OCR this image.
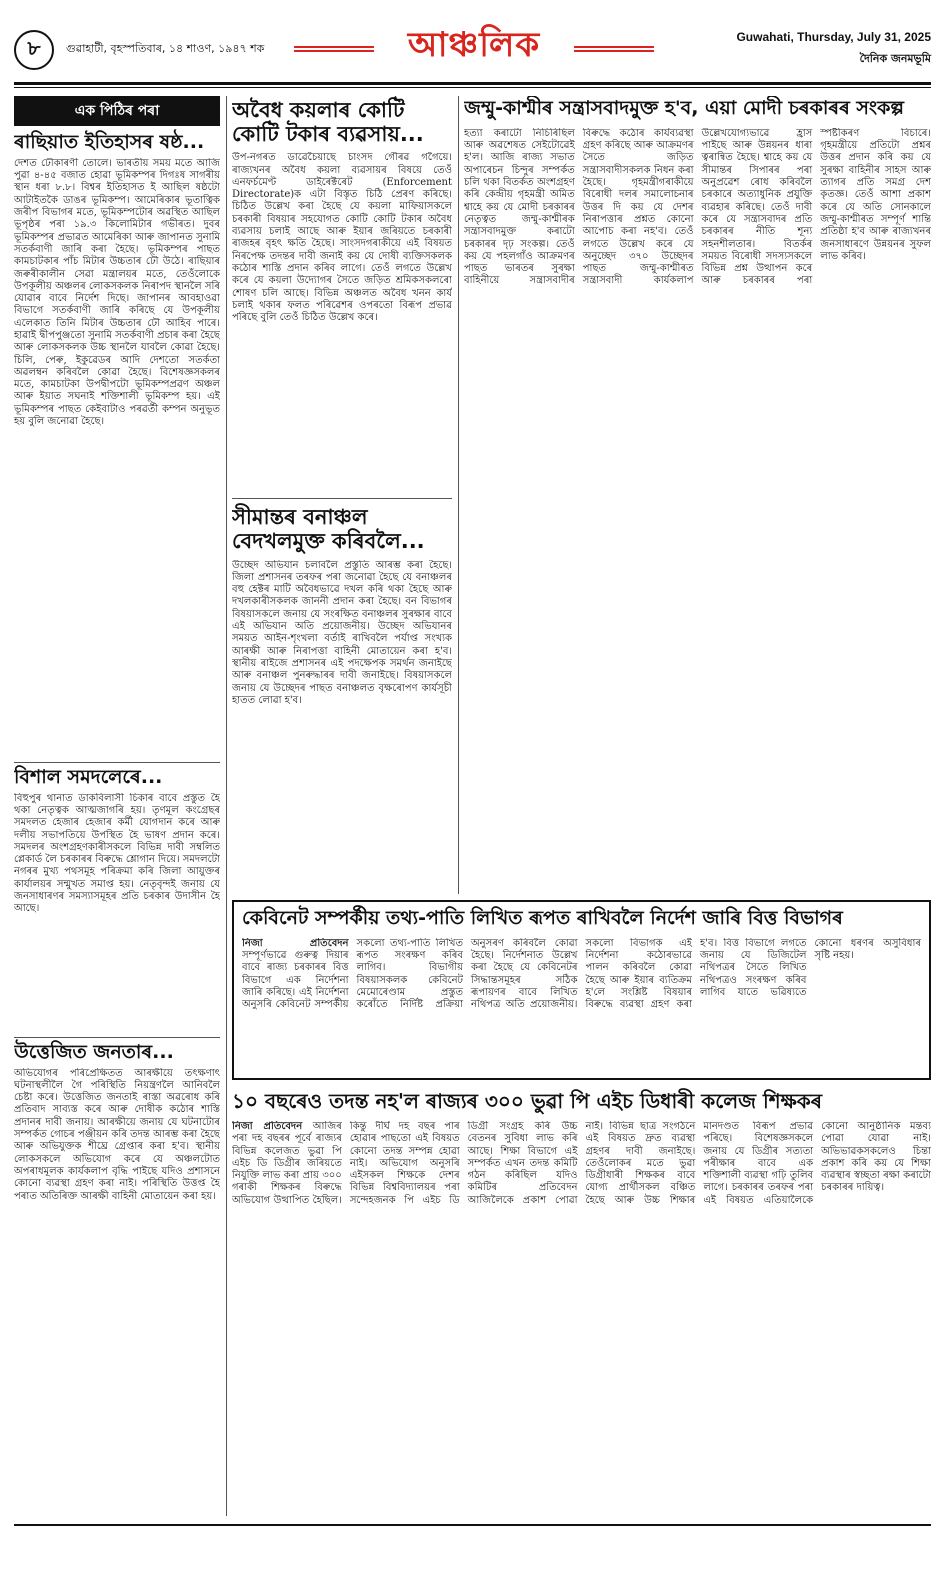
৮	গুৱাহাটী, বৃহস্পতিবাৰ, ১৪ শাওণ, ১৯৪৭ শক	আঞ্চলিক	Guwahati, Thursday, July 31, 2025
দৈনিক জনমভূমি
এক পিঠিৰ পৰা
ৰাছিয়াত ইতিহাসৰ ষষ্ঠ...
দেশত ঢৌকাৰণী তোলে। ভাৰতীয় সময় মতে আজি পুৱা ৪-৪৫ বজাত হোৱা ভূমিকম্পৰ দিগঃষ সাগৰীয় স্থান ধৰা ৮.৮। বিশ্বৰ ইতিহাসত ই আছিল ষষ্ঠটো আটাইতকৈ ডাঙৰ ভূমিকম্প। আমেৰিকাৰ ভূতাত্বিক জৰীপ বিভাগৰ মতে, ভূমিকম্পটোৰ অৱস্থিত আছিল ভূপৃষ্ঠৰ পৰা ১৯.৩ কিলোমিটাৰ গভীৰত। দুবৰ ভূমিকম্পৰ প্ৰভাৱত আমেৰিকা আৰু জাপানত সুনামি সতৰ্কবাণী জাৰি কৰা হৈছে। ভূমিকম্পৰ পাছত কামচাটকাৰ পাঁচ মিটাৰ উচ্চতাৰ ঢৌ উঠে। ৰাছিয়াৰ জৰুৰীকালীন সেৱা মন্ত্ৰালয়ৰ মতে, তেওঁলোকে উপকূলীয় অঞ্চলৰ লোকসকলক নিৰাপদ স্থানলৈ সৰি যোৱাৰ বাবে নিৰ্দেশ দিছে। জাপানৰ আবহাওৱা বিভাগে সতৰ্কবাণী জাৰি কৰিছে যে উপকূলীয় এলেকাত তিনি মিটাৰ উচ্চতাৰ ঢৌ আহিব পাৰে। হাৱাই দ্বীপপুঞ্জতো সুনামি সতৰ্কবাণী প্ৰচাৰ কৰা হৈছে আৰু লোকসকলক উচ্চ স্থানলৈ যাবলৈ কোৱা হৈছে। চিলি, পেৰু, ইকুৱেডৰ আদি দেশতো সতৰ্কতা অৱলম্বন কৰিবলৈ কোৱা হৈছে। বিশেষজ্ঞসকলৰ মতে, কামচাটকা উপদ্বীপটো ভূমিকম্পপ্ৰৱণ অঞ্চল আৰু ইয়াত সঘনাই শক্তিশালী ভূমিকম্প হয়। এই ভূমিকম্পৰ পাছত কেইবাটাও পৰৱৰ্তী কম্পন অনুভূত হয় বুলি জনোৱা হৈছে।
বিশাল সমদলেৰে...
বিহুপুৰ থানাত ডাকবিলাসী চিকাৰ বাবে প্ৰস্তুত হৈ থকা নেতৃত্বক আত্মজাগৰি হয়। তৃণমূল কংগ্ৰেছৰ সমদলত হেজাৰ হেজাৰ কৰ্মী যোগদান কৰে আৰু দলীয় সভাপতিয়ে উপস্থিত হৈ ভাষণ প্ৰদান কৰে। সমদলৰ অংশগ্ৰহণকাৰীসকলে বিভিন্ন দাবী সম্বলিত প্লেকাৰ্ড লৈ চৰকাৰৰ বিৰুদ্ধে শ্লোগান দিয়ে। সমদলটো নগৰৰ মুখ্য পথসমূহ পৰিক্ৰমা কৰি জিলা আয়ুক্তৰ কাৰ্যালয়ৰ সন্মুখত সমাপ্ত হয়। নেতৃবৃন্দই জনায় যে জনসাধাৰণৰ সমস্যাসমূহৰ প্ৰতি চৰকাৰ উদাসীন হৈ আছে।
উত্তেজিত জনতাৰ...
অভিযোগৰ পৰিপ্ৰেক্ষিতত আৰক্ষীয়ে তৎক্ষণাৎ ঘটনাস্থলীলৈ গৈ পৰিস্থিতি নিয়ন্ত্ৰণলৈ আনিবলৈ চেষ্টা কৰে। উত্তেজিত জনতাই ৰাস্তা অৱৰোধ কৰি প্ৰতিবাদ সাব্যস্ত কৰে আৰু দোষীক কঠোৰ শাস্তি প্ৰদানৰ দাবী জনায়। আৰক্ষীয়ে জনায় যে ঘটনাটোৰ সম্পৰ্কত গোচৰ পঞ্জীয়ন কৰি তদন্ত আৰম্ভ কৰা হৈছে আৰু অভিযুক্তক শীঘ্ৰে গ্ৰেপ্তাৰ কৰা হ'ব। স্থানীয় লোকসকলে অভিযোগ কৰে যে অঞ্চলটোত অপৰাধমূলক কাৰ্যকলাপ বৃদ্ধি পাইছে যদিও প্ৰশাসনে কোনো ব্যৱস্থা গ্ৰহণ কৰা নাই। পৰিস্থিতি উত্তপ্ত হৈ পৰাত অতিৰিক্ত আৰক্ষী বাহিনী মোতায়েন কৰা হয়।
অবৈধ কয়লাৰ কোটি কোটি টকাৰ ব্যৱসায়...
উপ-নগৰত ডাৱেচৈয়াছে চাংসদ গৌৰৱ গগৈয়ে। ৰাজ্যখনৰ অবৈধ কয়লা ব্যৱসায়ৰ বিষয়ে তেওঁ এনফৰ্চমেণ্ট ডাইৰেক্টৰেট (Enforcement Directorate)ক এটা বিস্তৃত চিঠি প্ৰেৰণ কৰিছে। চিঠিত উল্লেখ কৰা হৈছে যে কয়লা মাফিয়াসকলে চৰকাৰী বিষয়াৰ সহযোগত কোটি কোটি টকাৰ অবৈধ ব্যৱসায় চলাই আছে আৰু ইয়াৰ জৰিয়তে চৰকাৰী ৰাজহৰ বৃহৎ ক্ষতি হৈছে। সাংসদগৰাকীয়ে এই বিষয়ত নিৰপেক্ষ তদন্তৰ দাবী জনাই কয় যে দোষী ব্যক্তিসকলক কঠোৰ শাস্তি প্ৰদান কৰিব লাগে। তেওঁ লগতে উল্লেখ কৰে যে কয়লা উদ্যোগৰ সৈতে জড়িত শ্ৰমিকসকলৰো শোষণ চলি আছে। বিভিন্ন অঞ্চলত অবৈধ খনন কাৰ্য চলাই থকাৰ ফলত পৰিৱেশৰ ওপৰতো বিৰূপ প্ৰভাৱ পৰিছে বুলি তেওঁ চিঠিত উল্লেখ কৰে।
সীমান্তৰ বনাঞ্চল বেদখলমুক্ত কৰিবলৈ...
উচ্ছেদ অভিযান চলাবলৈ প্ৰস্তুতি আৰম্ভ কৰা হৈছে। জিলা প্ৰশাসনৰ তৰফৰ পৰা জনোৱা হৈছে যে বনাঞ্চলৰ বহু হেক্টৰ মাটি অবৈধভাৱে দখল কৰি থকা হৈছে আৰু দখলকাৰীসকলক জাননী প্ৰদান কৰা হৈছে। বন বিভাগৰ বিষয়াসকলে জনায় যে সংৰক্ষিত বনাঞ্চলৰ সুৰক্ষাৰ বাবে এই অভিযান অতি প্ৰয়োজনীয়। উচ্ছেদ অভিযানৰ সময়ত আইন-শৃংখলা বৰ্তাই ৰাখিবলৈ পৰ্যাপ্ত সংখ্যক আৰক্ষী আৰু নিৰাপত্তা বাহিনী মোতায়েন কৰা হ'ব। স্থানীয় ৰাইজে প্ৰশাসনৰ এই পদক্ষেপক সমৰ্থন জনাইছে আৰু বনাঞ্চল পুনৰুদ্ধাৰৰ দাবী জনাইছে। বিষয়াসকলে জনায় যে উচ্ছেদৰ পাছত বনাঞ্চলত বৃক্ষৰোপণ কাৰ্যসূচী হাতত লোৱা হ'ব।
জম্মু-কাশ্মীৰ সন্ত্ৰাসবাদমুক্ত হ'ব, এয়া মোদী চৰকাৰৰ সংকল্প
হত্যা কৰাটো নিচিৰিছিল আৰু অৱশেষত সেইটোৱেই হ'ল। আজি ৰাজ্য সভাত অপাৰেচন চিন্দুৰ সম্পৰ্কত চলি থকা বিতৰ্কত অংশগ্ৰহণ কৰি কেন্দ্ৰীয় গৃহমন্ত্ৰী অমিত শ্বাহে কয় যে মোদী চৰকাৰৰ নেতৃত্বত জম্মু-কাশ্মীৰক সন্ত্ৰাসবাদমুক্ত কৰাটো চৰকাৰৰ দৃঢ় সংকল্প। তেওঁ কয় যে পহলগাঁও আক্ৰমণৰ পাছত ভাৰতৰ সুৰক্ষা বাহিনীয়ে সন্ত্ৰাসবাদীৰ বিৰুদ্ধে কঠোৰ কাৰ্যব্যৱস্থা গ্ৰহণ কৰিছে আৰু আক্ৰমণৰ সৈতে জড়িত সন্ত্ৰাসবাদীসকলক নিধন কৰা হৈছে। গৃহমন্ত্ৰীগৰাকীয়ে বিৰোধী দলৰ সমালোচনাৰ উত্তৰ দি কয় যে দেশৰ নিৰাপত্তাৰ প্ৰশ্নত কোনো আপোচ কৰা নহ'ব। তেওঁ লগতে উল্লেখ কৰে যে অনুচ্ছেদ ৩৭০ উচ্ছেদৰ পাছত জম্মু-কাশ্মীৰত সন্ত্ৰাসবাদী কাৰ্যকলাপ উল্লেখযোগ্যভাৱে হ্ৰাস পাইছে আৰু উন্নয়নৰ ধাৰা ত্বৰান্বিত হৈছে। শ্বাহে কয় যে সীমান্তৰ সিপাৰৰ পৰা অনুপ্ৰৱেশ ৰোধ কৰিবলৈ চৰকাৰে অত্যাধুনিক প্ৰযুক্তি ব্যৱহাৰ কৰিছে। তেওঁ দাবী কৰে যে সন্ত্ৰাসবাদৰ প্ৰতি চৰকাৰৰ নীতি শূন্য সহনশীলতাৰ। বিতৰ্কৰ সময়ত বিৰোধী সদস্যসকলে বিভিন্ন প্ৰশ্ন উত্থাপন কৰে আৰু চৰকাৰৰ পৰা স্পষ্টীকৰণ বিচাৰে। গৃহমন্ত্ৰীয়ে প্ৰতিটো প্ৰশ্নৰ উত্তৰ প্ৰদান কৰি কয় যে সুৰক্ষা বাহিনীৰ সাহস আৰু ত্যাগৰ প্ৰতি সমগ্ৰ দেশ কৃতজ্ঞ। তেওঁ আশা প্ৰকাশ কৰে যে অতি সোনকালে জম্মু-কাশ্মীৰত সম্পূৰ্ণ শান্তি প্ৰতিষ্ঠা হ'ব আৰু ৰাজ্যখনৰ জনসাধাৰণে উন্নয়নৰ সুফল লাভ কৰিব।
কেবিনেট সম্পৰ্কীয় তথ্য-পাতি লিখিত ৰূপত ৰাখিবলৈ নিৰ্দেশ জাৰি বিত্ত বিভাগৰ
নিজা প্ৰতিবেদন সম্পূৰ্ণভাৱে গুৰুত্ব দিয়াৰ বাবে ৰাজ্য চৰকাৰৰ বিত্ত বিভাগে এক নিৰ্দেশনা জাৰি কৰিছে। এই নিৰ্দেশনা অনুসৰি কেবিনেট সম্পৰ্কীয় সকলো তথ্য-পাতি লিখিত ৰূপত সংৰক্ষণ কৰিব লাগিব। বিভাগীয় বিষয়াসকলক কেবিনেট মেমোৰেণ্ডাম প্ৰস্তুত কৰোঁতে নিৰ্দিষ্ট প্ৰক্ৰিয়া অনুসৰণ কৰিবলৈ কোৱা হৈছে। নিৰ্দেশনাত উল্লেখ কৰা হৈছে যে কেবিনেটৰ সিদ্ধান্তসমূহৰ সঠিক ৰূপায়ণৰ বাবে লিখিত নথিপত্ৰ অতি প্ৰয়োজনীয়। সকলো বিভাগক এই নিৰ্দেশনা কঠোৰভাৱে পালন কৰিবলৈ কোৱা হৈছে আৰু ইয়াৰ ব্যতিক্ৰম হ'লে সংশ্লিষ্ট বিষয়াৰ বিৰুদ্ধে ব্যৱস্থা গ্ৰহণ কৰা হ'ব। বিত্ত বিভাগে লগতে জনায় যে ডিজিটেল নথিপত্ৰৰ সৈতে লিখিত নথিপত্ৰও সংৰক্ষণ কৰিব লাগিব যাতে ভৱিষ্যতে কোনো ধৰণৰ অসুবিধাৰ সৃষ্টি নহয়।
১০ বছৰেও তদন্ত নহ'ল ৰাজ্যৰ ৩০০ ভুৱা পি এইচ ডিধাৰী কলেজ শিক্ষকৰ
নিজা প্ৰতিবেদন আজিৰ পৰা দহ বছৰৰ পূৰ্বে ৰাজ্যৰ বিভিন্ন কলেজত ভুৱা পি এইচ ডি ডিগ্ৰীৰ জৰিয়তে নিযুক্তি লাভ কৰা প্ৰায় ৩০০ গৰাকী শিক্ষকৰ বিৰুদ্ধে অভিযোগ উত্থাপিত হৈছিল। কিন্তু দীৰ্ঘ দহ বছৰ পাৰ হোৱাৰ পাছতো এই বিষয়ত কোনো তদন্ত সম্পন্ন হোৱা নাই। অভিযোগ অনুসৰি এইসকল শিক্ষকে দেশৰ বিভিন্ন বিশ্ববিদ্যালয়ৰ পৰা সন্দেহজনক পি এইচ ডি ডিগ্ৰী সংগ্ৰহ কৰি উচ্চ বেতনৰ সুবিধা লাভ কৰি আছে। শিক্ষা বিভাগে এই সম্পৰ্কত এখন তদন্ত কমিটি গঠন কৰিছিল যদিও কমিটিৰ প্ৰতিবেদন আজিলৈকে প্ৰকাশ পোৱা নাই। বিভিন্ন ছাত্ৰ সংগঠনে এই বিষয়ত দ্ৰুত ব্যৱস্থা গ্ৰহণৰ দাবী জনাইছে। তেওঁলোকৰ মতে ভুৱা ডিগ্ৰীধাৰী শিক্ষকৰ বাবে যোগ্য প্ৰাৰ্থীসকল বঞ্চিত হৈছে আৰু উচ্চ শিক্ষাৰ মানদণ্ডত বিৰূপ প্ৰভাৱ পৰিছে। বিশেষজ্ঞসকলে জনায় যে ডিগ্ৰীৰ সত্যতা পৰীক্ষাৰ বাবে এক শক্তিশালী ব্যৱস্থা গঢ়ি তুলিব লাগে। চৰকাৰৰ তৰফৰ পৰা এই বিষয়ত এতিয়ালৈকে কোনো আনুষ্ঠানিক মন্তব্য পোৱা যোৱা নাই। অভিভাৱকসকলেও চিন্তা প্ৰকাশ কৰি কয় যে শিক্ষা ব্যৱস্থাৰ স্বচ্ছতা ৰক্ষা কৰাটো চৰকাৰৰ দায়িত্ব।
